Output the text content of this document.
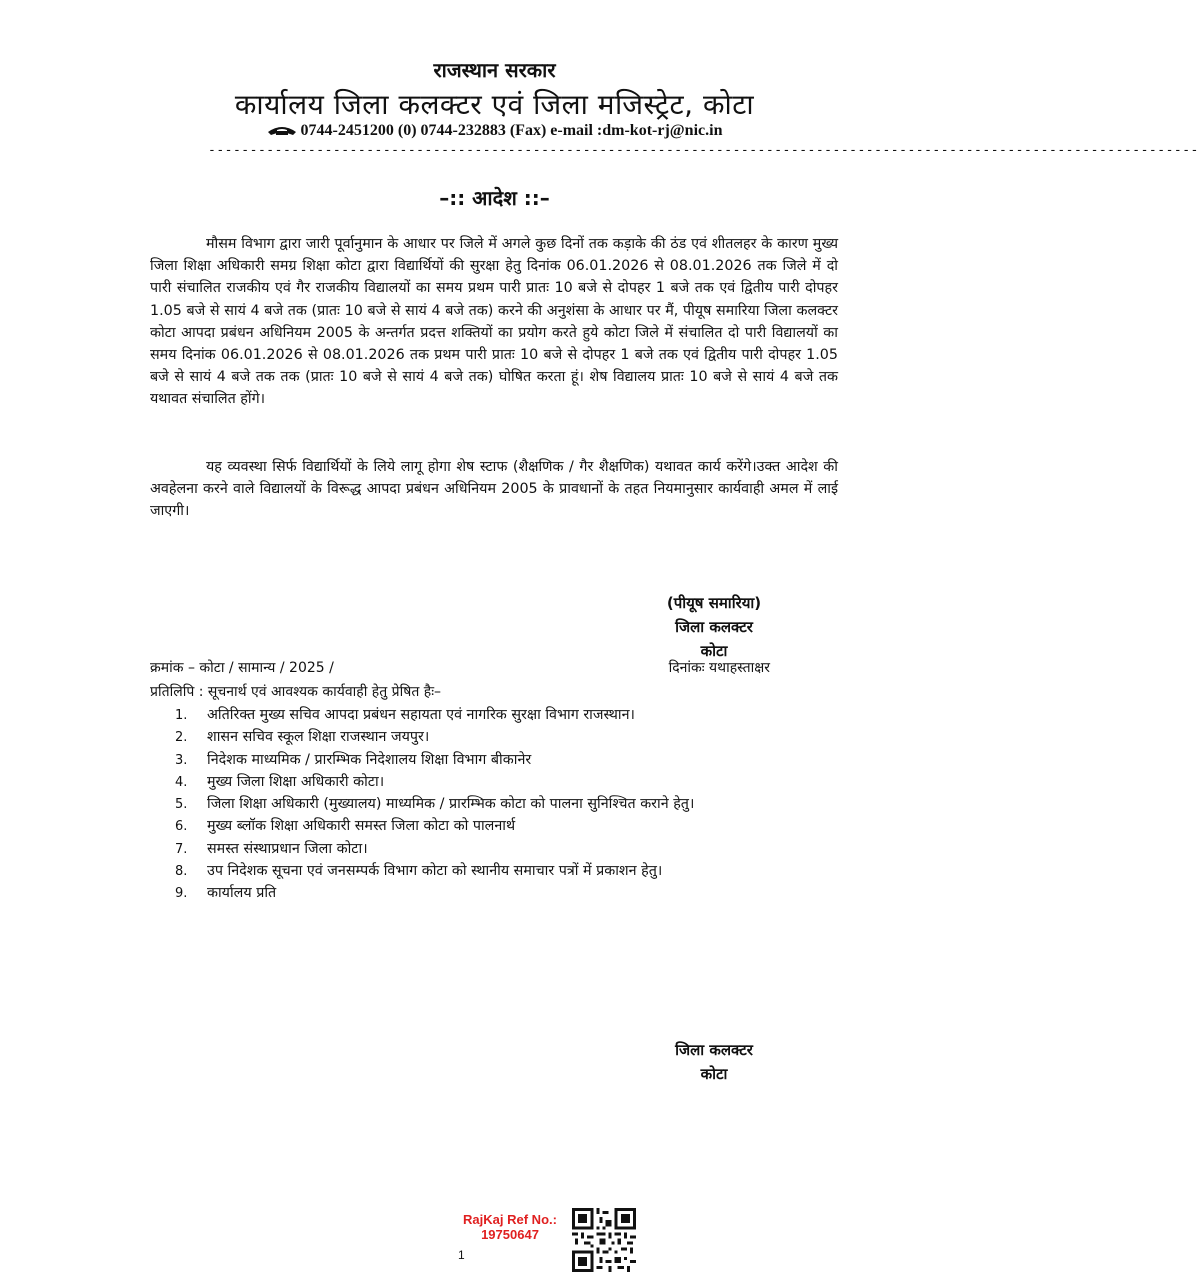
राजस्थान सरकार
कार्यालय जिला कलक्टर एवं जिला मजिस्ट्रेट, कोटा
0744-2451200 (0) 0744-232883 (Fax) e-mail :dm-kot-rj@nic.in
-----------------------------------------------------------------------------------------------------------------------
–:: आदेश ::–
मौसम विभाग द्वारा जारी पूर्वानुमान के आधार पर जिले में अगले कुछ दिनों तक कड़ाके की ठंड एवं शीतलहर के कारण मुख्य जिला शिक्षा अधिकारी समग्र शिक्षा कोटा द्वारा विद्यार्थियों की सुरक्षा हेतु दिनांक 06.01.2026 से 08.01.2026 तक जिले में दो पारी संचालित राजकीय एवं गैर राजकीय विद्यालयों का समय प्रथम पारी प्रातः 10 बजे से दोपहर 1 बजे तक एवं द्वितीय पारी दोपहर 1.05 बजे से सायं 4 बजे तक (प्रातः 10 बजे से सायं 4 बजे तक) करने की अनुशंसा के आधार पर मैं, पीयूष समारिया जिला कलक्टर कोटा आपदा प्रबंधन अधिनियम 2005 के अन्तर्गत प्रदत्त शक्तियों का प्रयोग करते हुये कोटा जिले में संचालित दो पारी विद्यालयों का समय दिनांक 06.01.2026 से 08.01.2026 तक प्रथम पारी प्रातः 10 बजे से दोपहर 1 बजे तक एवं द्वितीय पारी दोपहर 1.05 बजे से सायं 4 बजे तक तक (प्रातः 10 बजे से सायं 4 बजे तक) घोषित करता हूं। शेष विद्यालय प्रातः 10 बजे से सायं 4 बजे तक यथावत संचालित होंगे।
यह व्यवस्था सिर्फ विद्यार्थियों के लिये लागू होगा शेष स्टाफ (शैक्षणिक / गैर शैक्षणिक) यथावत कार्य करेंगे।उक्त आदेश की अवहेलना करने वाले विद्यालयों के विरूद्ध आपदा प्रबंधन अधिनियम 2005 के प्रावधानों के तहत नियमानुसार कार्यवाही अमल में लाई जाएगी।
(पीयूष समारिया)
जिला कलक्टर
कोटा
क्रमांक – कोटा / सामान्य / 2025 /	दिनांकः यथाहस्ताक्षर
प्रतिलिपि : सूचनार्थ एवं आवश्यक कार्यवाही हेतु प्रेषित हैः–
1. अतिरिक्त मुख्य सचिव आपदा प्रबंधन सहायता एवं नागरिक सुरक्षा विभाग राजस्थान।
2. शासन सचिव स्कूल शिक्षा राजस्थान जयपुर।
3. निदेशक माध्यमिक / प्रारम्भिक निदेशालय शिक्षा विभाग बीकानेर
4. मुख्य जिला शिक्षा अधिकारी कोटा।
5. जिला शिक्षा अधिकारी (मुख्यालय) माध्यमिक / प्रारम्भिक कोटा को पालना सुनिश्चित कराने हेतु।
6. मुख्य ब्लॉक शिक्षा अधिकारी समस्त जिला कोटा को पालनार्थ
7. समस्त संस्थाप्रधान जिला कोटा।
8. उप निदेशक सूचना एवं जनसम्पर्क विभाग कोटा को स्थानीय समाचार पत्रों में प्रकाशन हेतु।
9. कार्यालय प्रति
जिला कलक्टर
कोटा
RajKaj Ref No.:
19750647
1
